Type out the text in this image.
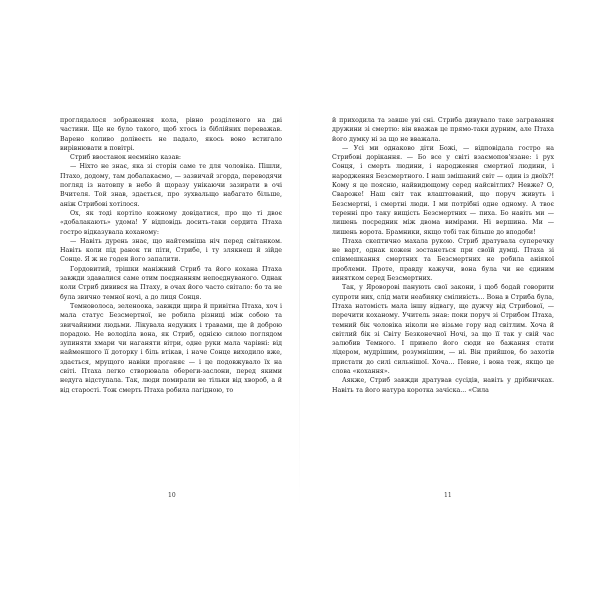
проглядалося зображення кола, рівно розділеного на дві частини. Ще не було такого, щоб хтось із біблійних переважав. Варено коливо долівеєть не падало, якось воно встигало вирівнювати в повітрі.

Стриб ввостанок неємніно казав:

— Ніхто не знає, яка зі сторін саме те для чоловіка. Пішли, Птахо, додому, там добалакаємо, — зазвичай згорда, переводячи погляд із натовпу в небо й щоразу унікаючи зазирати в очі Вчителя. Той знав, здається, про зухвальщо набагато більше, аніж Стрибові хотілося.

Ох, як тоді кортіло кожному довідатися, про що ті двоє «добалакають» удома! У відповідь досить-таки сердита Птаха гостро відказувала коханому:

— Навіть дурень знає, що найтемніша ніч перед світанком. Навіть коли під ранок ти піти, Стрибе, і ту злякнеш й зійде Сонце. Я ж не годен його запалити.

Гордовитий, трішки маніжний Стриб та його кохана Птаха завжди здавалися саме отим поєднанням непоєднуваного. Однак коли Стриб дивився на Птаху, в очах його часто світало: бо та не була звично темної ночі, а до лиця Сонця.

Темноволоса, зеленоока, завжди щира й привітна Птаха, хоч і мала статус Безсмертної, не робила різниці між собою та звичайними людьми. Лікувала недужих і травами, ще й доброю порадою. Не володіла вона, як Стриб, однією силою поглядом зупиняти хмари чи наганяти вітри, одне руки мала чарівні: від найменшого її доторку і біль втікав, і наче Сонце виходило вже, здається, мрущого навіки проганяє — і це подовжувало їх на світі. Птаха легко створювала обереги-заслони, перед якими недуга відступала. Так, люди помирали не тільки від хвороб, а й від старості. Тож смерть Птаха робила лагідною, то

10

й приходила та завше уві сні. Стриба дивувало таке загравання дружини зі смертю: він вважав це прямо-таки дурним, але Птаха його думку ні за що не вважала.

— Усі ми однаково діти Божі, — відповідала гостро на Стрибові дорікання. — Бо все у світі взаємопов'язане: і рух Сонця, і смерть людини, і народження смертної людини, і народження Безсмертного. І наш змішаний світ — один із двоїх?! Кому я це поясню, найвидющому серед найсвітлих? Невже? О, Свароже! Наш світ так влаштований, що поруч живуть і Безсмертні, і смертні люди. І ми потрібні одне одному. А твоє теренні про таку вищість Безсмертних — пиха. Бо навіть ми — лишень посредник між двома вимірами. Ні вершина. Ми — лишень ворота. Брамники, якщо тобі так більше до вподоби!

Птаха скептично махала рукою. Стриб дратувала суперечку не варт, однак кожен зостанеться при своїй думці. Птаха зі співмешкання смертних та Безсмертних не робила аніякої проблеми. Проте, правду кажучи, вона була чи не єдиним винятком серед Безсмертних.

Так, у Яроворові панують свої закони, і щоб бодай говорити супроти них, слід мати неабияку сміливість... Вона в Стриба була, Птаха натомість мала іншу відвагу, ще дужчу від Стрибової, — перечити коханому. Учитель знав: поки поруч зі Стрибом Птаха, темний бік чоловіка ніколи не візьме гору над світлим. Хоча й світлий бік зі Світу Безконечної Ночі, за що її так у свій час залюбив Темного. І привело його сюди не бажання стати лідером, мудрішим, розумнішим, — ні. Він прийшов, бо захотів пристати до силі сильнішої. Хоча... Певне, і вона теж, якщо це слова «кохання».

Аякже, Стриб завжди дратував сусідів, навіть у дрібничках. Навіть та його натура коротка зачіска... «Сила

11
